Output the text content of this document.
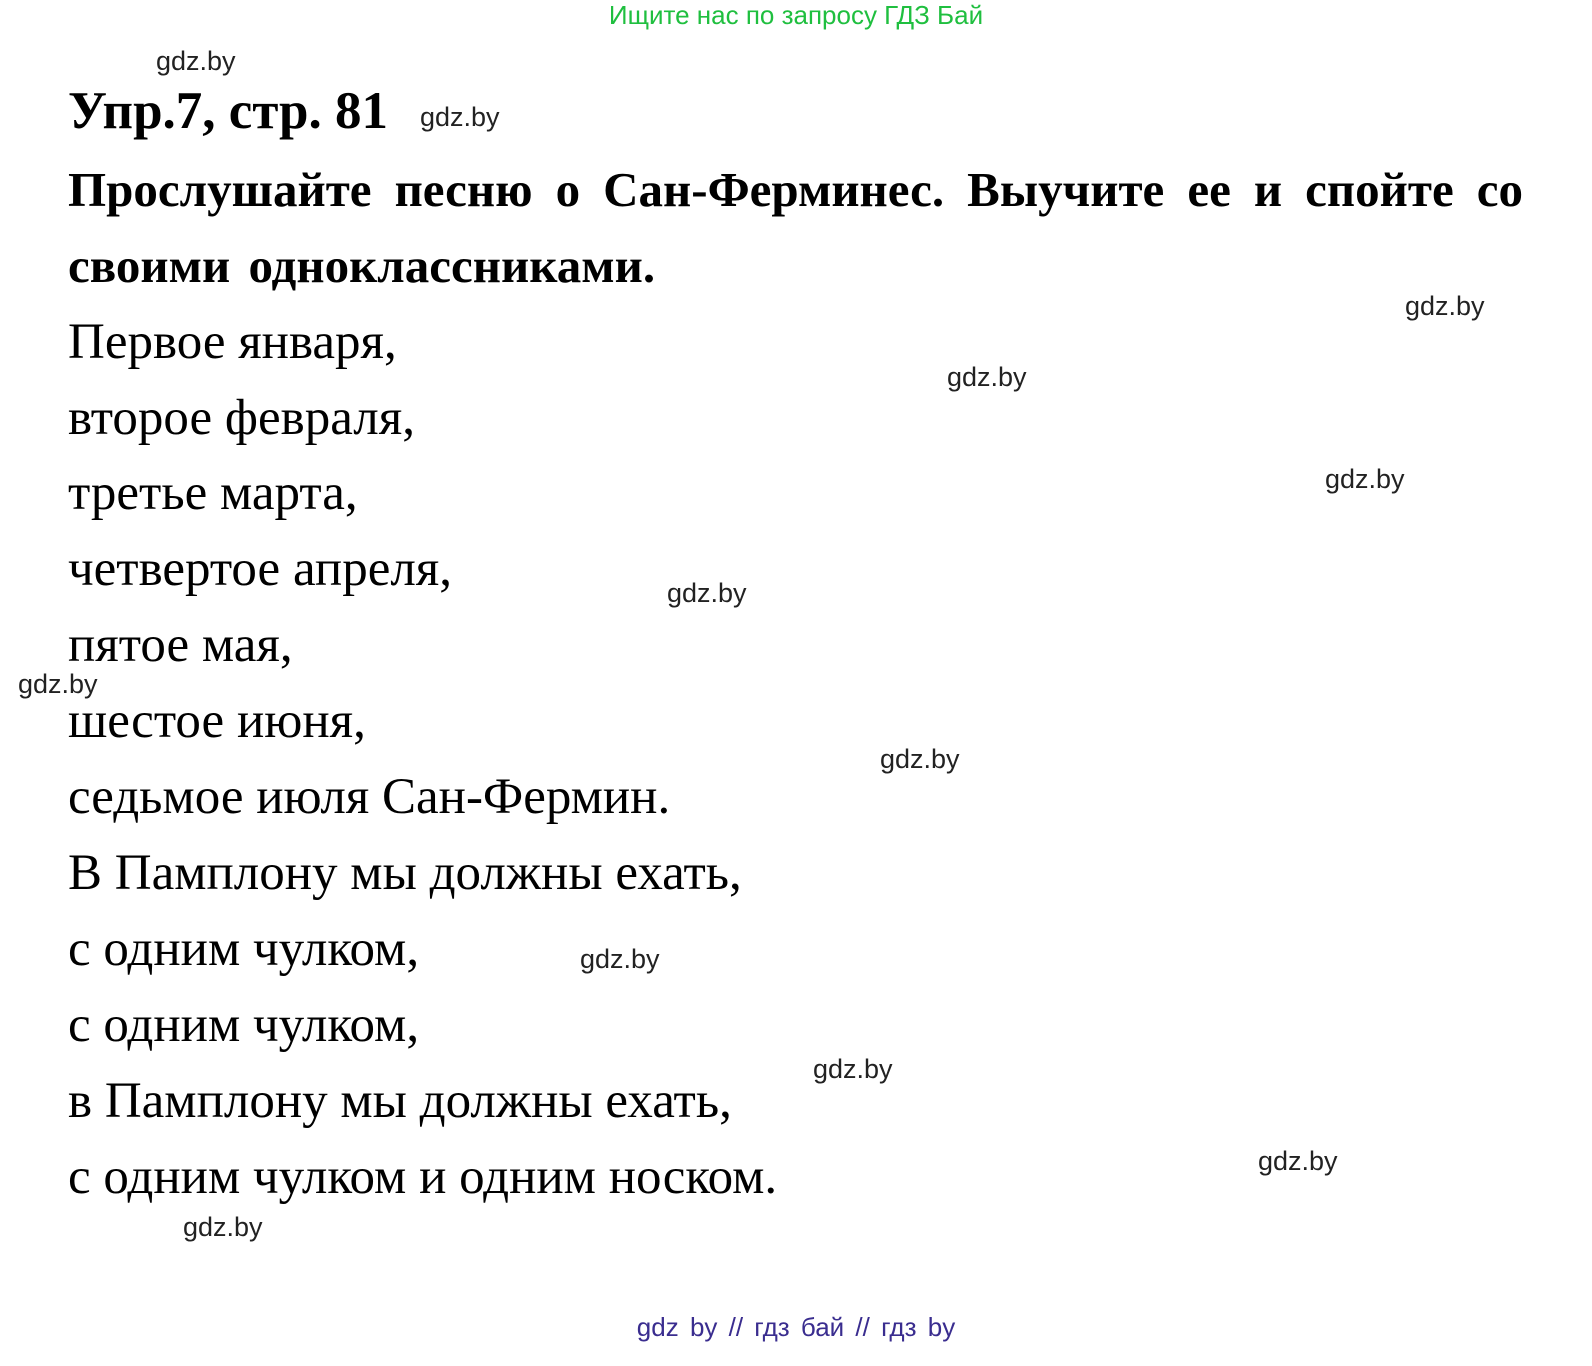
Ищите нас по запросу ГДЗ Бай
Упр.7, стр. 81
Прослушайте песню о Сан-Ферминес. Выучите ее и спойте со своими одноклассниками.
Первое января,
второе февраля,
третье марта,
четвертое апреля,
пятое мая,
шестое июня,
седьмое июля Сан-Фермин.
В Памплону мы должны ехать,
с одним чулком,
с одним чулком,
в Памплону мы должны ехать,
с одним чулком и одним носком.
gdz.by
gdz.by
gdz.by
gdz.by
gdz.by
gdz.by
gdz.by
gdz.by
gdz.by
gdz.by
gdz.by
gdz.by
gdz by // гдз бай // гдз by
